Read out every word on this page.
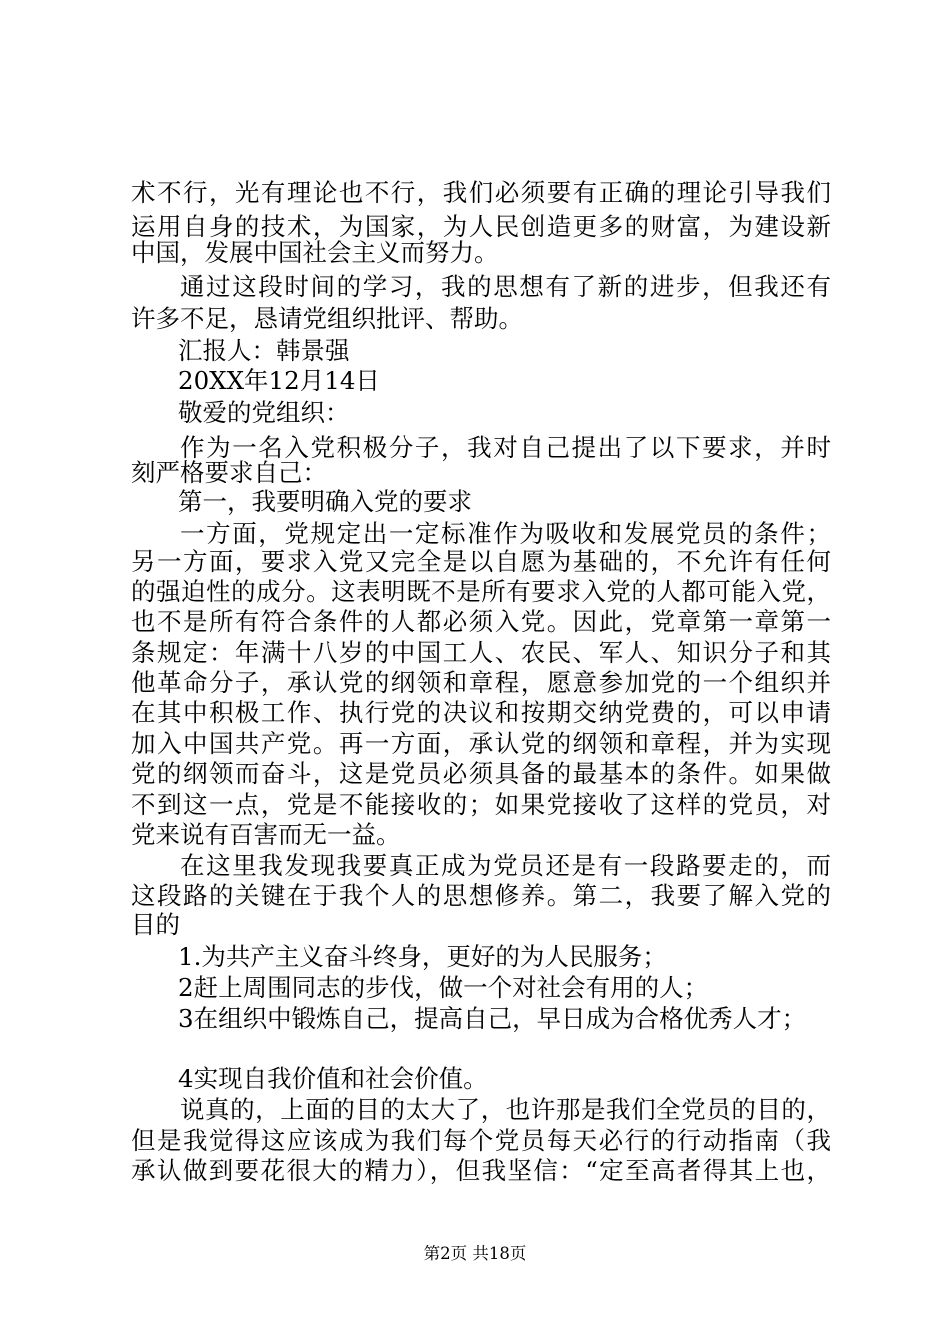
术不行，光有理论也不行，我们必须要有正确的理论引导我们
运用自身的技术，为国家，为人民创造更多的财富，为建设新
中国，发展中国社会主义而努力。
通过这段时间的学习，我的思想有了新的进步，但我还有
许多不足，恳请党组织批评、帮助。
汇报人：韩景强
20XX年12月14日
敬爱的党组织：
作为一名入党积极分子，我对自己提出了以下要求，并时
刻严格要求自己：
第一，我要明确入党的要求
一方面，党规定出一定标准作为吸收和发展党员的条件；
另一方面，要求入党又完全是以自愿为基础的，不允许有任何
的强迫性的成分。这表明既不是所有要求入党的人都可能入党，
也不是所有符合条件的人都必须入党。因此，党章第一章第一
条规定：年满十八岁的中国工人、农民、军人、知识分子和其
他革命分子，承认党的纲领和章程，愿意参加党的一个组织并
在其中积极工作、执行党的决议和按期交纳党费的，可以申请
加入中国共产党。再一方面，承认党的纲领和章程，并为实现
党的纲领而奋斗，这是党员必须具备的最基本的条件。如果做
不到这一点，党是不能接收的；如果党接收了这样的党员，对
党来说有百害而无一益。
在这里我发现我要真正成为党员还是有一段路要走的，而
这段路的关键在于我个人的思想修养。第二，我要了解入党的
目的
1.为共产主义奋斗终身，更好的为人民服务；
2赶上周围同志的步伐，做一个对社会有用的人；
3在组织中锻炼自己，提高自己，早日成为合格优秀人才；
4实现自我价值和社会价值。
说真的，上面的目的太大了，也许那是我们全党员的目的，
但是我觉得这应该成为我们每个党员每天必行的行动指南（我
承认做到要花很大的精力），但我坚信：“定至高者得其上也，
第2页 共18页
